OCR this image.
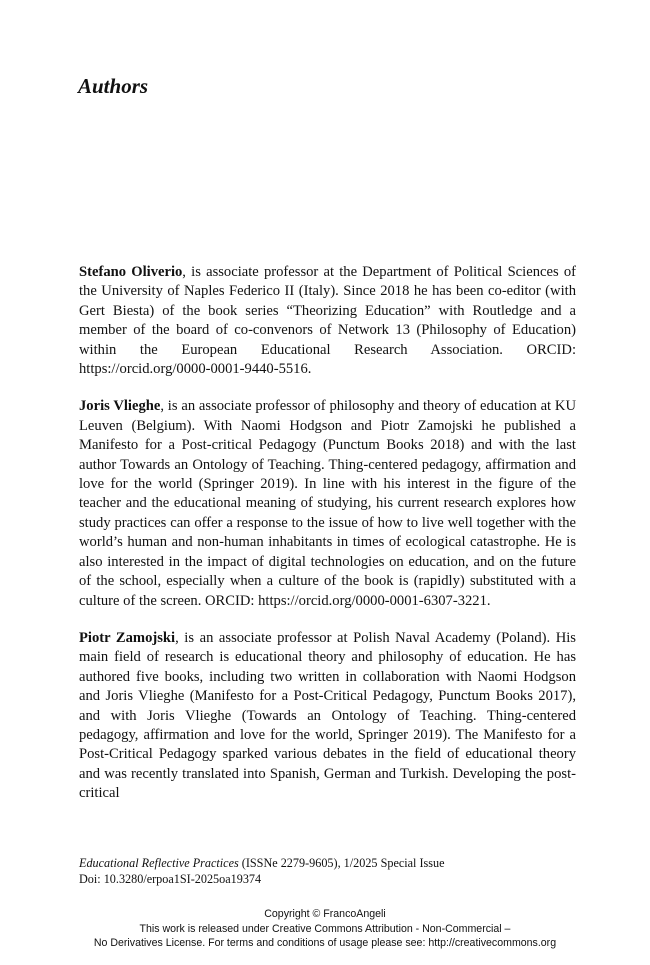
Authors

Stefano Oliverio, is associate professor at the Department of Political Sciences of the University of Naples Federico II (Italy). Since 2018 he has been co-editor (with Gert Biesta) of the book series “Theorizing Education” with Routledge and a member of the board of co-convenors of Network 13 (Philosophy of Education) within the European Educational Research Association. ORCID: https://orcid.org/0000-0001-9440-5516.

Joris Vlieghe, is an associate professor of philosophy and theory of education at KU Leuven (Belgium). With Naomi Hodgson and Piotr Zamojski he published a Manifesto for a Post-critical Pedagogy (Punctum Books 2018) and with the last author Towards an Ontology of Teaching. Thing-centered pedagogy, affirmation and love for the world (Springer 2019). In line with his interest in the figure of the teacher and the educational meaning of studying, his current research explores how study practices can offer a response to the issue of how to live well together with the world’s human and non-human inhabitants in times of ecological catastrophe. He is also interested in the impact of digital technologies on education, and on the future of the school, especially when a culture of the book is (rapidly) substituted with a culture of the screen. ORCID: https://orcid.org/0000-0001-6307-3221.

Piotr Zamojski, is an associate professor at Polish Naval Academy (Poland). His main field of research is educational theory and philosophy of education. He has authored five books, including two written in collaboration with Naomi Hodgson and Joris Vlieghe (Manifesto for a Post-Critical Pedagogy, Punctum Books 2017), and with Joris Vlieghe (Towards an Ontology of Teaching. Thing-centered pedagogy, affirmation and love for the world, Springer 2019). The Manifesto for a Post-Critical Pedagogy sparked various debates in the field of educational theory and was recently translated into Spanish, German and Turkish. Developing the post-critical

Educational Reflective Practices (ISSNe 2279-9605), 1/2025 Special Issue
Doi: 10.3280/erpoa1SI-2025oa19374
Copyright © FrancoAngeli
This work is released under Creative Commons Attribution - Non-Commercial –
No Derivatives License. For terms and conditions of usage please see: http://creativecommons.org
